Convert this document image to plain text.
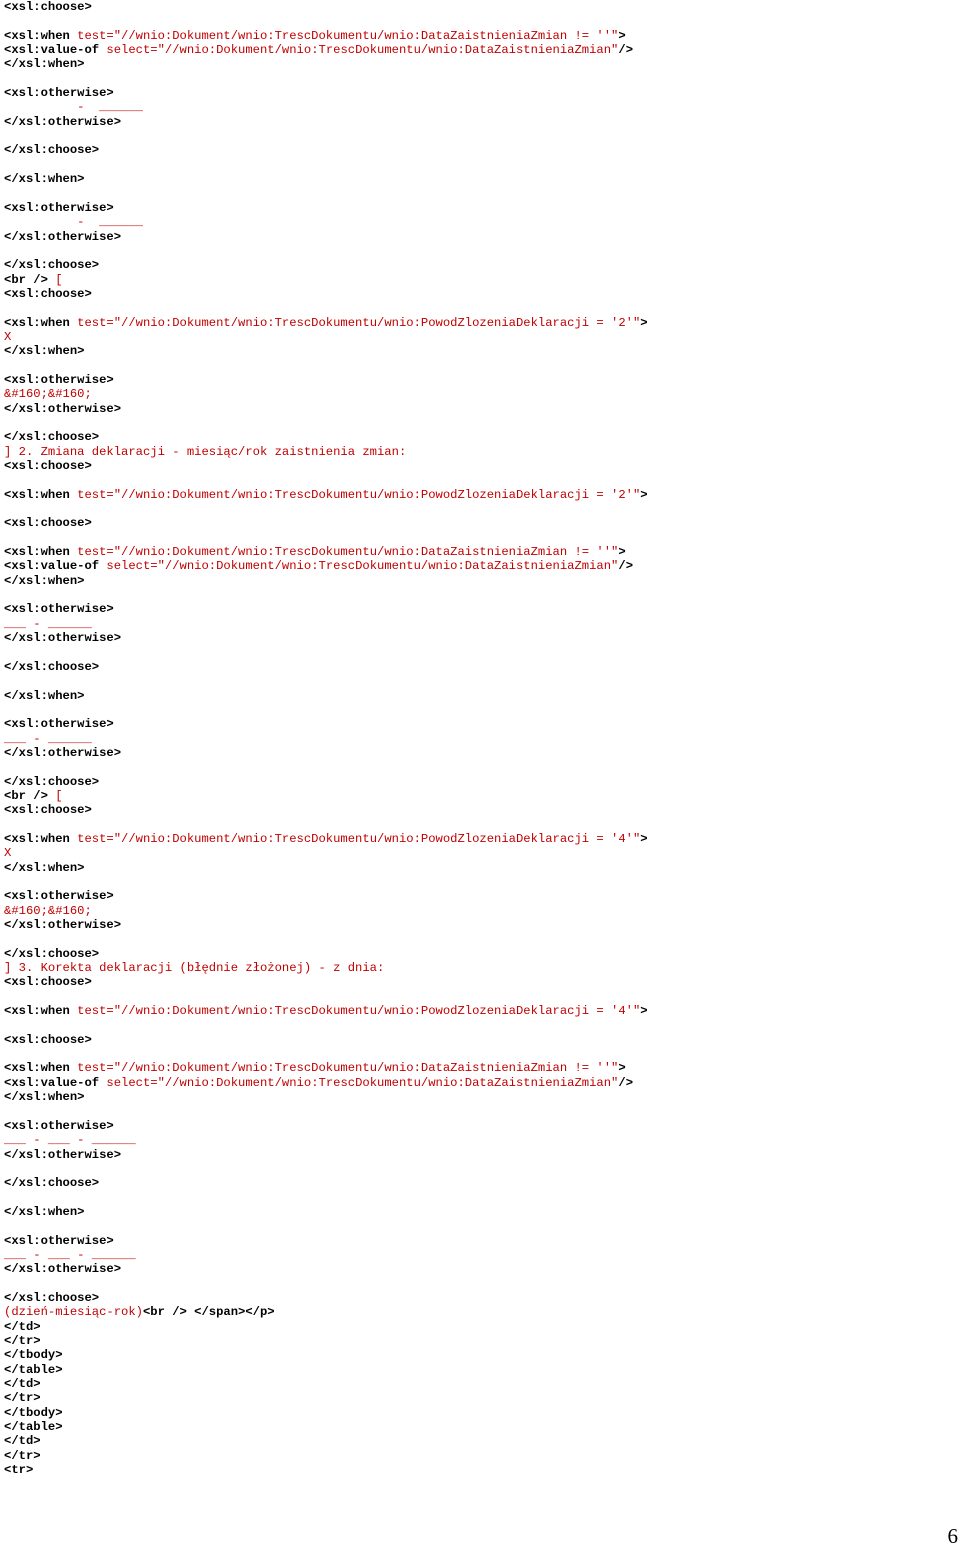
<xsl:choose>
<xsl:when test="//wnio:Dokument/wnio:TrescDokumentu/wnio:DataZaistnieniaZmian != ''">
<xsl:value-of select="//wnio:Dokument/wnio:TrescDokumentu/wnio:DataZaistnieniaZmian"/>
</xsl:when>
<xsl:otherwise>
-  ______
</xsl:otherwise>
</xsl:choose>
</xsl:when>
<xsl:otherwise>
-  ______
</xsl:otherwise>
</xsl:choose>
<br /> [
<xsl:choose>
<xsl:when test="//wnio:Dokument/wnio:TrescDokumentu/wnio:PowodZlozeniaDeklaracji = '2'">
X
</xsl:when>
<xsl:otherwise>
&#160;&#160;
</xsl:otherwise>
</xsl:choose>
] 2. Zmiana deklaracji - miesiąc/rok zaistnienia zmian:
<xsl:choose>
<xsl:when test="//wnio:Dokument/wnio:TrescDokumentu/wnio:PowodZlozeniaDeklaracji = '2'">
<xsl:choose>
<xsl:when test="//wnio:Dokument/wnio:TrescDokumentu/wnio:DataZaistnieniaZmian != ''">
<xsl:value-of select="//wnio:Dokument/wnio:TrescDokumentu/wnio:DataZaistnieniaZmian"/>
</xsl:when>
<xsl:otherwise>
___ - ______
</xsl:otherwise>
</xsl:choose>
</xsl:when>
<xsl:otherwise>
___ - ______
</xsl:otherwise>
</xsl:choose>
<br /> [
<xsl:choose>
<xsl:when test="//wnio:Dokument/wnio:TrescDokumentu/wnio:PowodZlozeniaDeklaracji = '4'">
X
</xsl:when>
<xsl:otherwise>
&#160;&#160;
</xsl:otherwise>
</xsl:choose>
] 3. Korekta deklaracji (błędnie złożonej) - z dnia:
<xsl:choose>
<xsl:when test="//wnio:Dokument/wnio:TrescDokumentu/wnio:PowodZlozeniaDeklaracji = '4'">
<xsl:choose>
<xsl:when test="//wnio:Dokument/wnio:TrescDokumentu/wnio:DataZaistnieniaZmian != ''">
<xsl:value-of select="//wnio:Dokument/wnio:TrescDokumentu/wnio:DataZaistnieniaZmian"/>
</xsl:when>
<xsl:otherwise>
___ - ___ - ______
</xsl:otherwise>
</xsl:choose>
</xsl:when>
<xsl:otherwise>
___ - ___ - ______
</xsl:otherwise>
</xsl:choose>
(dzień-miesiąc-rok)<br /> </span></p>
</td>
</tr>
</tbody>
</table>
</td>
</tr>
</tbody>
</table>
</td>
</tr>
<tr>
6
